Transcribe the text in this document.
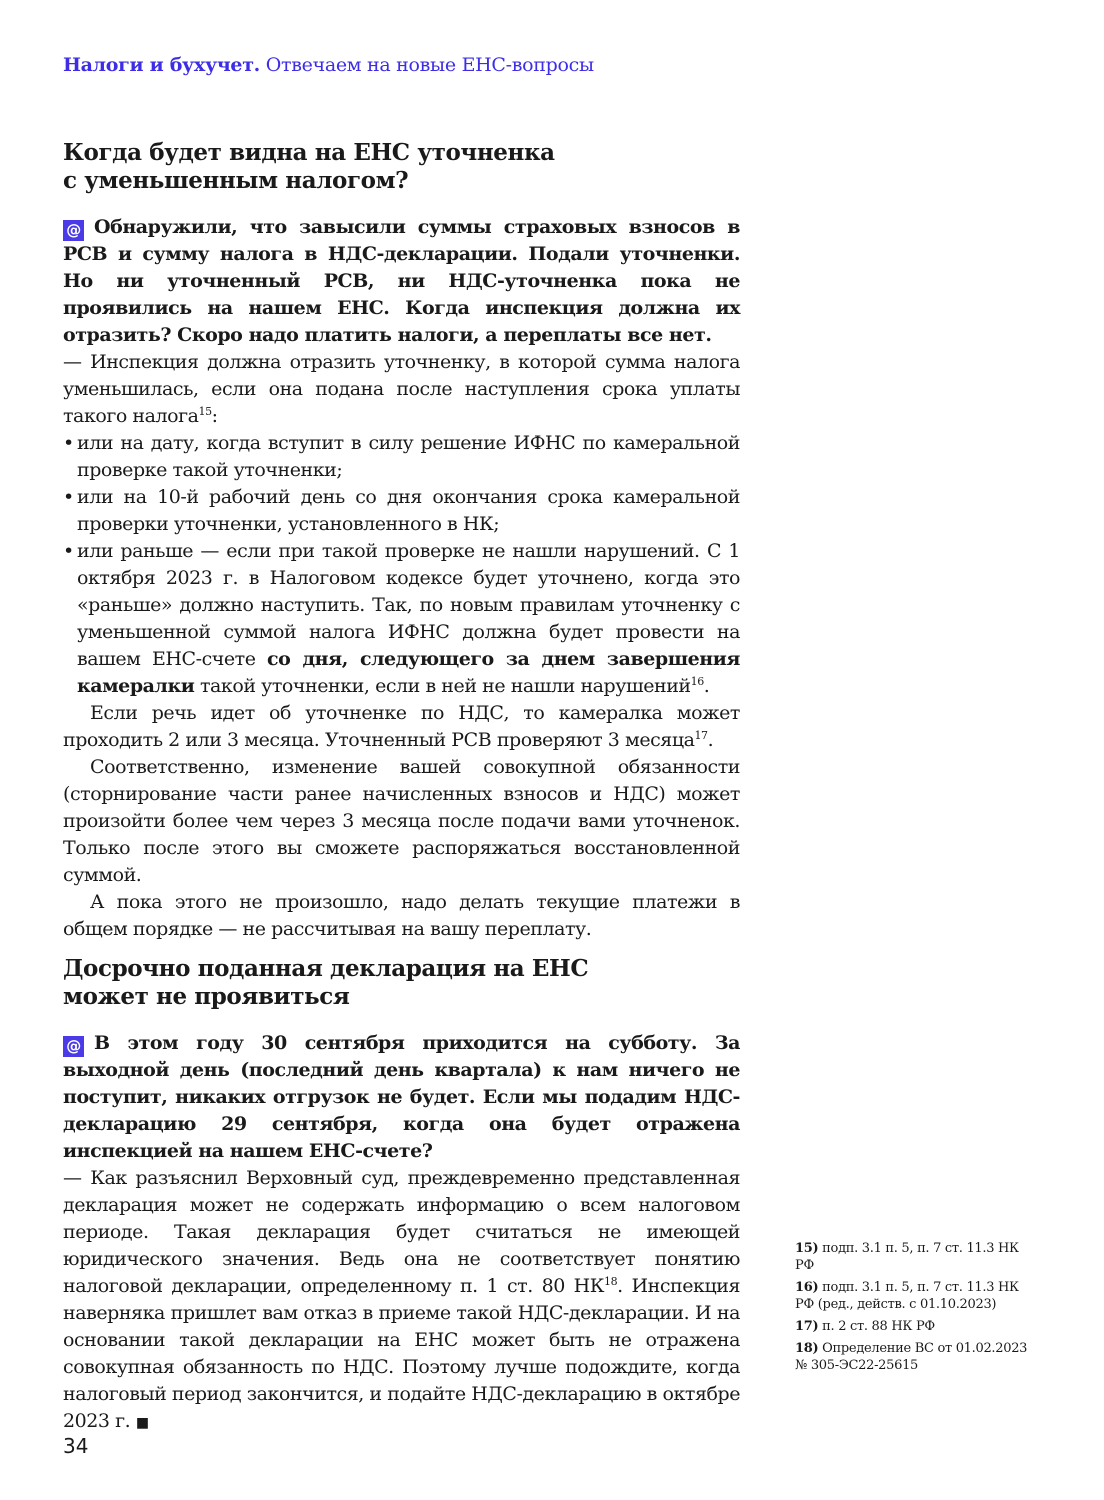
Налоги и бухучет. Отвечаем на новые ЕНС-вопросы
Когда будет видна на ЕНС уточненка
с уменьшенным налогом?

@ Обнаружили, что завысили суммы страховых взносов в РСВ и сумму налога в НДС-декларации. Подали уточненки. Но ни уточненный РСВ, ни НДС-уточненка пока не проявились на нашем ЕНС. Когда инспекция должна их отразить? Скоро надо платить налоги, а переплаты все нет.

— Инспекция должна отразить уточненку, в которой сумма налога уменьшилась, если она подана после наступления срока уплаты такого налога$^{15}$:

• или на дату, когда вступит в силу решение ИФНС по камеральной проверке такой уточненки;
• или на 10-й рабочий день со дня окончания срока камеральной проверки уточненки, установленного в НК;
• или раньше — если при такой проверке не нашли нарушений. С 1 октября 2023 г. в Налоговом кодексе будет уточнено, когда это «раньше» должно наступить. Так, по новым правилам уточненку с уменьшенной суммой налога ИФНС должна будет провести на вашем ЕНС-счете со дня, следующего за днем завершения камералки такой уточненки, если в ней не нашли нарушений$^{16}$.

Если речь идет об уточненке по НДС, то камералка может проходить 2 или 3 месяца. Уточненный РСВ проверяют 3 месяца$^{17}$.

Соответственно, изменение вашей совокупной обязанности (сторнирование части ранее начисленных взносов и НДС) может произойти более чем через 3 месяца после подачи вами уточненок. Только после этого вы сможете распоряжаться восстановленной суммой.

А пока этого не произошло, надо делать текущие платежи в общем порядке — не рассчитывая на вашу переплату.

Досрочно поданная декларация на ЕНС
может не проявиться

@ В этом году 30 сентября приходится на субботу. За выходной день (последний день квартала) к нам ничего не поступит, никаких отгрузок не будет. Если мы подадим НДС-декларацию 29 сентября, когда она будет отражена инспекцией на нашем ЕНС-счете?

— Как разъяснил Верховный суд, преждевременно представленная декларация может не содержать информацию о всем налоговом периоде. Такая декларация будет считаться не имеющей юридического значения. Ведь она не соответствует понятию налоговой декларации, определенному п. 1 ст. 80 НК$^{18}$. Инспекция наверняка пришлет вам отказ в приеме такой НДС-декларации. И на основании такой декларации на ЕНС может быть не отражена совокупная обязанность по НДС. Поэтому лучше подождите, когда налоговый период закончится, и подайте НДС-декларацию в октябре 2023 г. ■

15) подп. 3.1 п. 5, п. 7 ст. 11.3 НК РФ
16) подп. 3.1 п. 5, п. 7 ст. 11.3 НК РФ (ред., действ. с 01.10.2023)
17) п. 2 ст. 88 НК РФ
18) Определение ВС от 01.02.2023 № 305-ЭС22-25615
34
